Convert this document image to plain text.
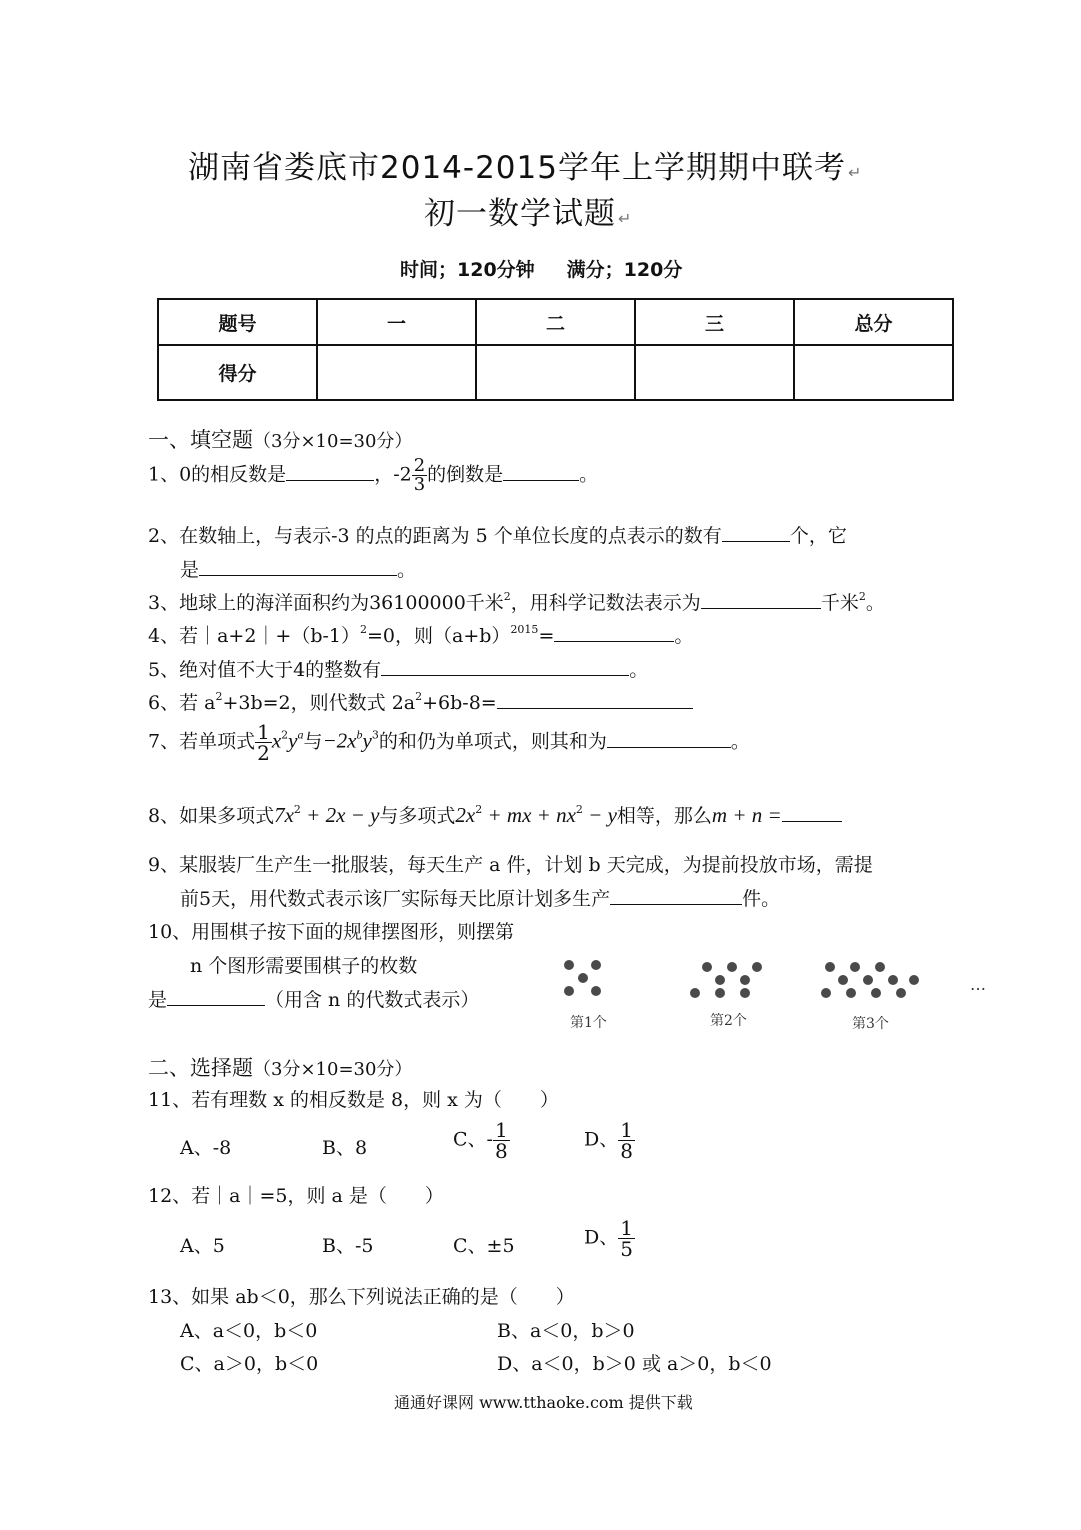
湖南省娄底市2014-2015学年上学期期中联考 ↵
初一数学试题 ↵
时间；120分钟 满分；120分
题号	一	二	三	总分
得分				
一、填空题（3分×10=30分）
1、0的相反数是	，$-2 \frac{2}{3}$ 的倒数是	。
2、在数轴上，与表示-3 的点的距离为 5 个单位长度的点表示的数有	个，它
是	。
3、地球上的海洋面积约为36100000千米$^2$，用科学记数法表示为	千米$^2$。
4、若$|a+2|+(b-1)^2=0$，则$(a+b)^{2015}=$	。
5、绝对值不大于4的整数有	。
6、若 $a^2+3b=2$，则代数式 $2a^2+6b-8=$
7、若单项式 $\frac{1}{2} x^2y^a$与$-2x^by^3$的和仍为单项式，则其和为	。
8、如果多项式$7x^2 + 2x - y$与多项式$2x^2$ + mx + $nx^2 - y$相等，那么m + n =
9、某服装厂生产生一批服装，每天生产 a 件，计划 b 天完成，为提前投放市场，需提
前5天，用代数式表示该厂实际每天比原计划多生产	件。
10、用围棋子按下面的规律摆图形，则摆第
n 个图形需要围棋子的枚数
是	（用含 n 的代数式表示）
第1个	第2个	第3个
…
二、选择题（3分×10=30分）
11、若有理数 x 的相反数是 8，则 x 为（　　）
A、-8	B、8	C、- $\frac{1}{8}$	D、 $\frac{1}{8}$
12、若｜a｜=5，则 a 是（　　）
A、5	B、-5	C、±5	D、 $\frac{1}{5}$
13、如果 ab＜0，那么下列说法正确的是（　　）
A、a＜0，b＜0	B、a＜0，b＞0
C、a＞0，b＜0	D、a＜0，b＞0 或 a＞0，b＜0
通通好课网 www.tthaoke.com 提供下载
